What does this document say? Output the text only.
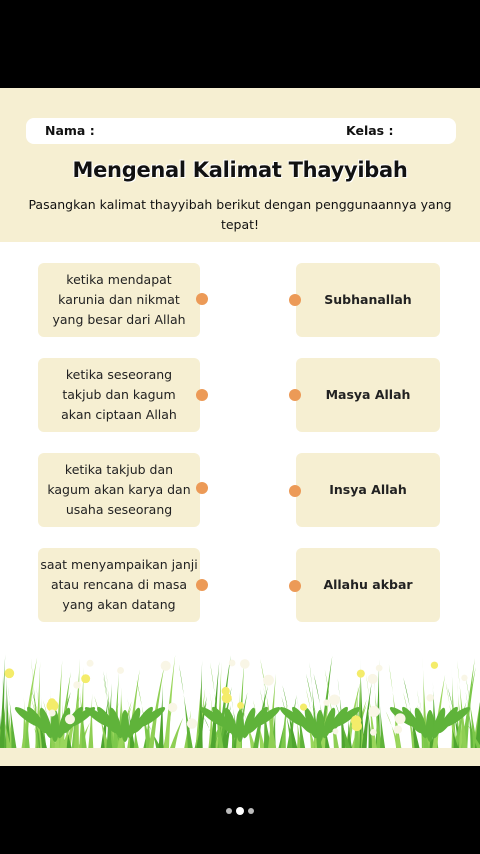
Nama :	Kelas :
Mengenal Kalimat Thayyibah
Pasangkan kalimat thayyibah berikut dengan penggunaannya yang tepat!
ketika mendapat karunia dan nikmat yang besar dari Allah
ketika seseorang takjub dan kagum akan ciptaan Allah
ketika takjub dan kagum akan karya dan usaha seseorang
saat menyampaikan janji atau rencana di masa yang akan datang
Subhanallah
Masya Allah
Insya Allah
Allahu akbar
